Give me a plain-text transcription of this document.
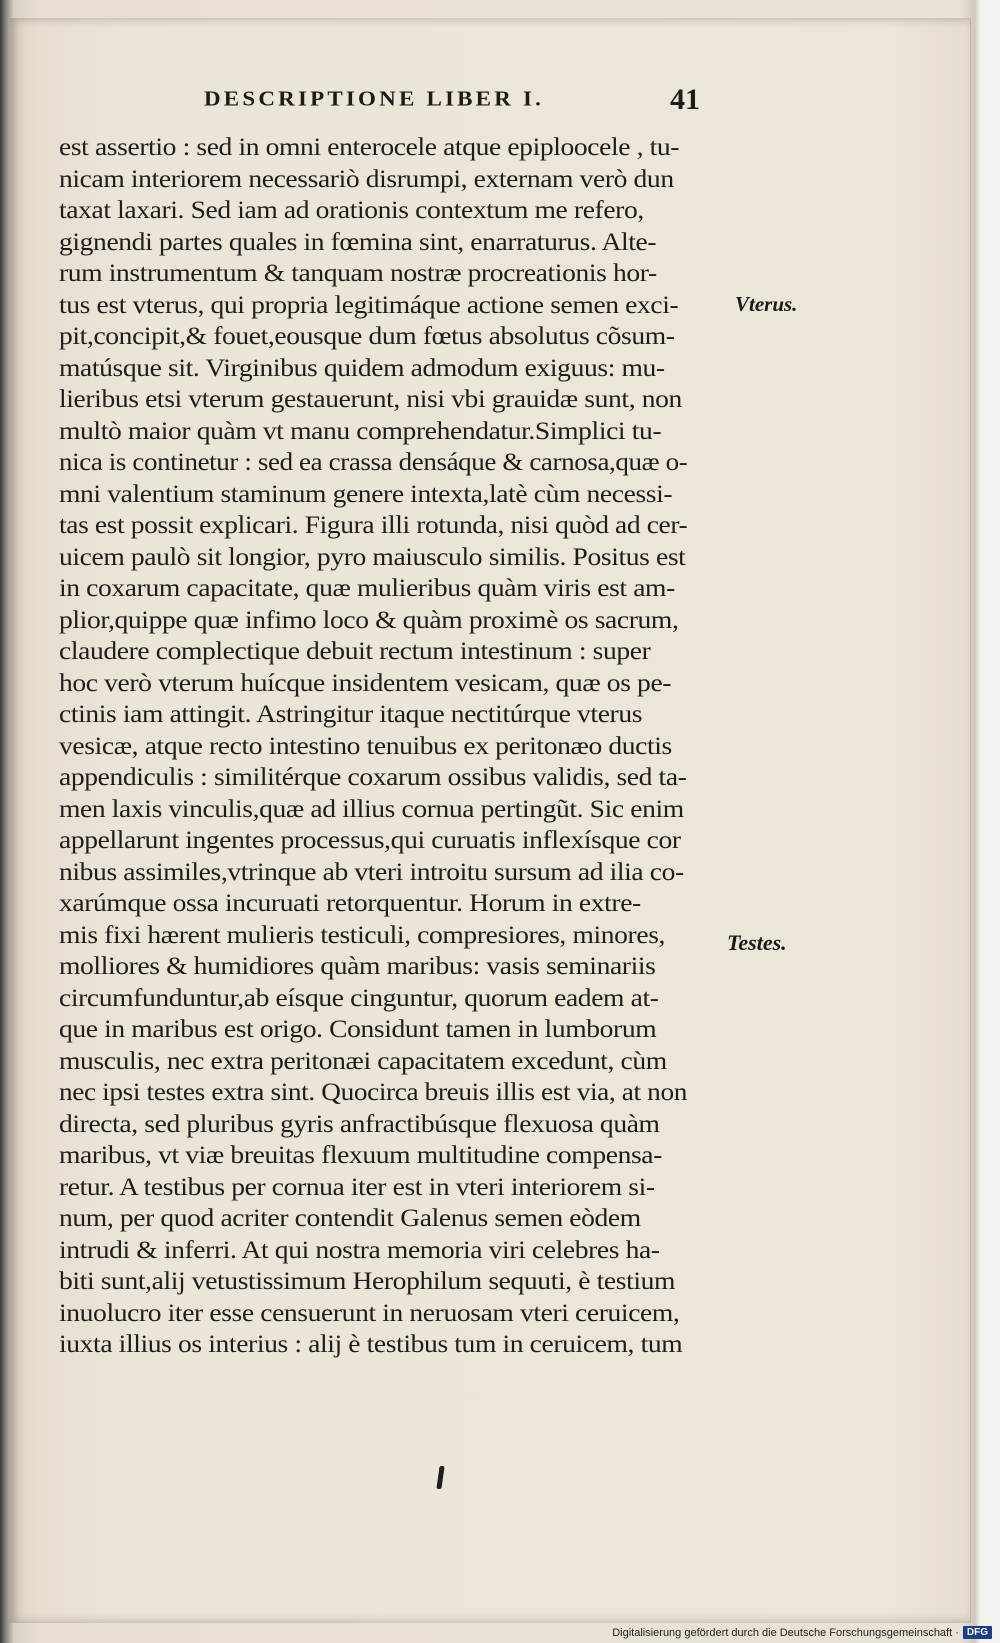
DESCRIPTIONE LIBER I.	41
est assertio : sed in omni enterocele atque epiploocele , tu-
nicam interiorem necessariò disrumpi, externam verò dun
taxat laxari. Sed iam ad orationis contextum me refero,
gignendi partes quales in fœmina sint, enarraturus. Alte-
rum instrumentum & tanquam nostræ procreationis hor-
tus est vterus, qui propria legitimáque actione semen exci-
pit,concipit,& fouet,eousque dum fœtus absolutus cõsum-
matúsque sit. Virginibus quidem admodum exiguus: mu-
lieribus etsi vterum gestauerunt, nisi vbi grauidæ sunt, non
multò maior quàm vt manu comprehendatur.Simplici tu-
nica is continetur : sed ea crassa densáque & carnosa,quæ o-
mni valentium staminum genere intexta,latè cùm necessi-
tas est possit explicari. Figura illi rotunda, nisi quòd ad cer-
uicem paulò sit longior, pyro maiusculo similis. Positus est
in coxarum capacitate, quæ mulieribus quàm viris est am-
plior,quippe quæ infimo loco & quàm proximè os sacrum,
claudere complectique debuit rectum intestinum : super
hoc verò vterum huícque insidentem vesicam, quæ os pe-
ctinis iam attingit. Astringitur itaque nectitúrque vterus
vesicæ, atque recto intestino tenuibus ex peritonæo ductis
appendiculis : similitérque coxarum ossibus validis, sed ta-
men laxis vinculis,quæ ad illius cornua pertingũt. Sic enim
appellarunt ingentes processus,qui curuatis inflexísque cor
nibus assimiles,vtrinque ab vteri introitu sursum ad ilia co-
xarúmque ossa incuruati retorquentur. Horum in extre-
mis fixi hærent mulieris testiculi, compresiores, minores,
molliores & humidiores quàm maribus: vasis seminariis
circumfunduntur,ab eísque cinguntur, quorum eadem at-
que in maribus est origo. Considunt tamen in lumborum
musculis, nec extra peritonæi capacitatem excedunt, cùm
nec ipsi testes extra sint. Quocirca breuis illis est via, at non
directa, sed pluribus gyris anfractibúsque flexuosa quàm
maribus, vt viæ breuitas flexuum multitudine compensa-
retur. A testibus per cornua iter est in vteri interiorem si-
num, per quod acriter contendit Galenus semen eòdem
intrudi & inferri. At qui nostra memoria viri celebres ha-
biti sunt,alij vetustissimum Herophilum sequuti, è testium
inuolucro iter esse censuerunt in neruosam vteri ceruicem,
iuxta illius os interius : alij è testibus tum in ceruicem, tum
Vterus.
Testes.
Digitalisierung gefördert durch die Deutsche Forschungsgemeinschaft · DFG
